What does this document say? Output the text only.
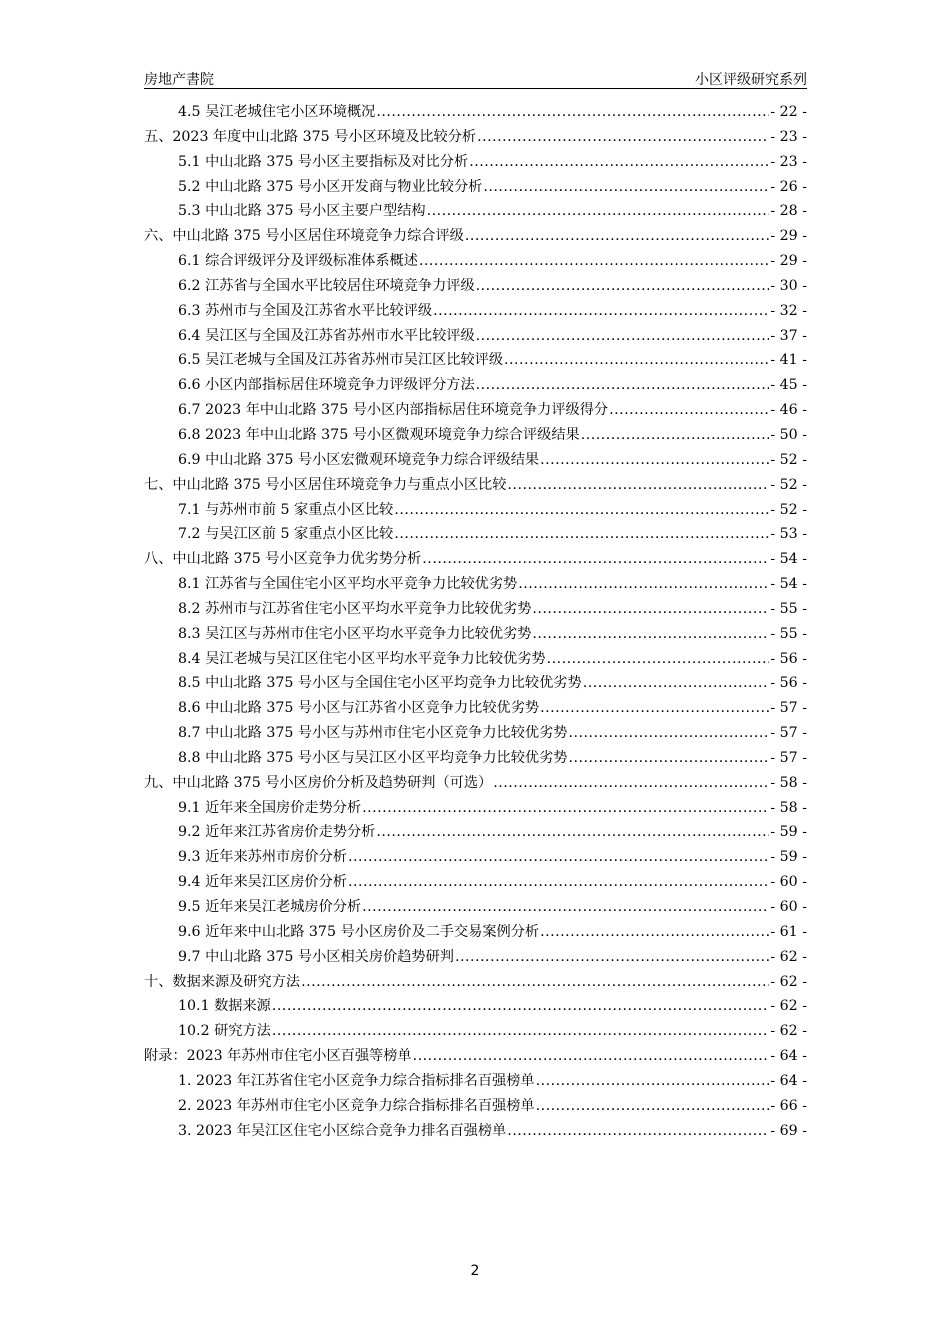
房地产書院	小区评级研究系列
4.5 吴江老城住宅小区环境概况 .....	- 22 -
五、2023 年度中山北路 375 号小区环境及比较分析 .....	- 23 -
5.1 中山北路 375 号小区主要指标及对比分析 .....	- 23 -
5.2 中山北路 375 号小区开发商与物业比较分析 .....	- 26 -
5.3 中山北路 375 号小区主要户型结构 .....	- 28 -
六、中山北路 375 号小区居住环境竞争力综合评级 .....	- 29 -
6.1 综合评级评分及评级标准体系概述 .....	- 29 -
6.2 江苏省与全国水平比较居住环境竞争力评级 .....	- 30 -
6.3 苏州市与全国及江苏省水平比较评级 .....	- 32 -
6.4 吴江区与全国及江苏省苏州市水平比较评级 .....	- 37 -
6.5 吴江老城与全国及江苏省苏州市吴江区比较评级 .....	- 41 -
6.6 小区内部指标居住环境竞争力评级评分方法 .....	- 45 -
6.7 2023 年中山北路 375 号小区内部指标居住环境竞争力评级得分 .....	- 46 -
6.8 2023 年中山北路 375 号小区微观环境竞争力综合评级结果 .....	- 50 -
6.9 中山北路 375 号小区宏微观环境竞争力综合评级结果 .....	- 52 -
七、中山北路 375 号小区居住环境竞争力与重点小区比较 .....	- 52 -
7.1 与苏州市前 5 家重点小区比较 .....	- 52 -
7.2 与吴江区前 5 家重点小区比较 .....	- 53 -
八、中山北路 375 号小区竞争力优劣势分析 .....	- 54 -
8.1 江苏省与全国住宅小区平均水平竞争力比较优劣势 .....	- 54 -
8.2 苏州市与江苏省住宅小区平均水平竞争力比较优劣势 .....	- 55 -
8.3 吴江区与苏州市住宅小区平均水平竞争力比较优劣势 .....	- 55 -
8.4 吴江老城与吴江区住宅小区平均水平竞争力比较优劣势 .....	- 56 -
8.5 中山北路 375 号小区与全国住宅小区平均竞争力比较优劣势 .....	- 56 -
8.6 中山北路 375 号小区与江苏省小区竞争力比较优劣势 .....	- 57 -
8.7 中山北路 375 号小区与苏州市住宅小区竞争力比较优劣势 .....	- 57 -
8.8 中山北路 375 号小区与吴江区小区平均竞争力比较优劣势 .....	- 57 -
九、中山北路 375 号小区房价分析及趋势研判（可选） .....	- 58 -
9.1 近年来全国房价走势分析 .....	- 58 -
9.2 近年来江苏省房价走势分析 .....	- 59 -
9.3 近年来苏州市房价分析 .....	- 59 -
9.4 近年来吴江区房价分析 .....	- 60 -
9.5 近年来吴江老城房价分析 .....	- 60 -
9.6 近年来中山北路 375 号小区房价及二手交易案例分析 .....	- 61 -
9.7 中山北路 375 号小区相关房价趋势研判 .....	- 62 -
十、数据来源及研究方法 .....	- 62 -
10.1 数据来源 .....	- 62 -
10.2 研究方法 .....	- 62 -
附录：2023 年苏州市住宅小区百强等榜单 .....	- 64 -
1. 2023 年江苏省住宅小区竞争力综合指标排名百强榜单 .....	- 64 -
2. 2023 年苏州市住宅小区竞争力综合指标排名百强榜单 .....	- 66 -
3. 2023 年吴江区住宅小区综合竞争力排名百强榜单 .....	- 69 -
2
